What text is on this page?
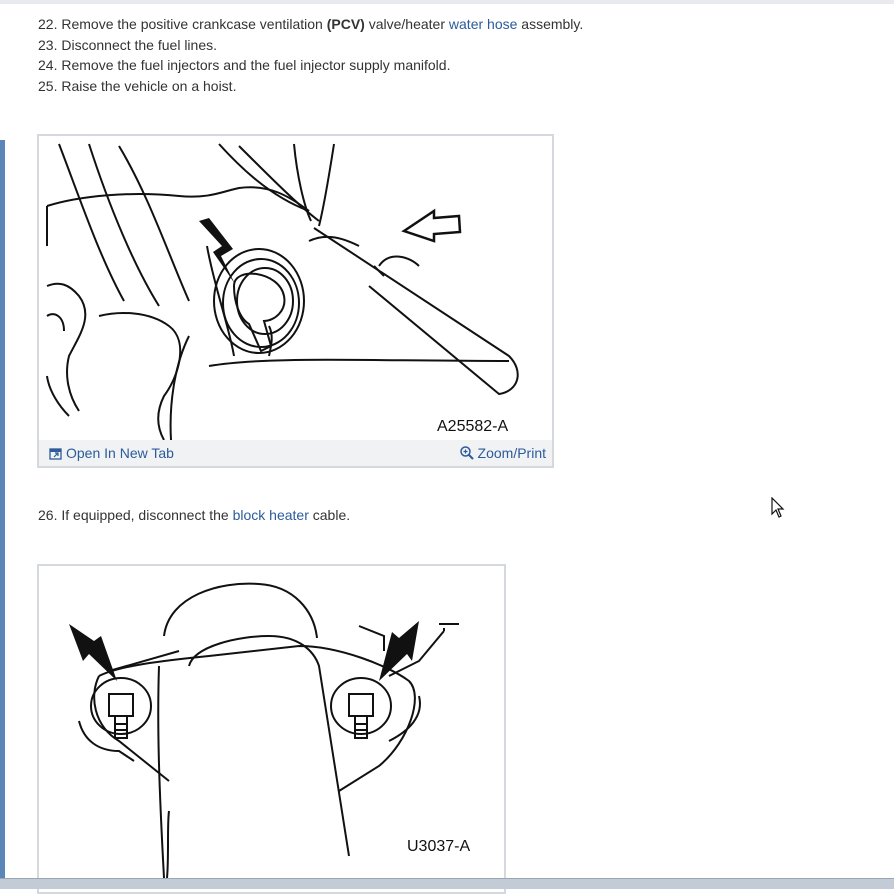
22. Remove the positive crankcase ventilation (PCV) valve/heater water hose assembly.

23. Disconnect the fuel lines.

24. Remove the fuel injectors and the fuel injector supply manifold.

25. Raise the vehicle on a hoist.

A25582-A
Open In New Tab	Zoom/Print

26. If equipped, disconnect the block heater cable.

U3037-A
